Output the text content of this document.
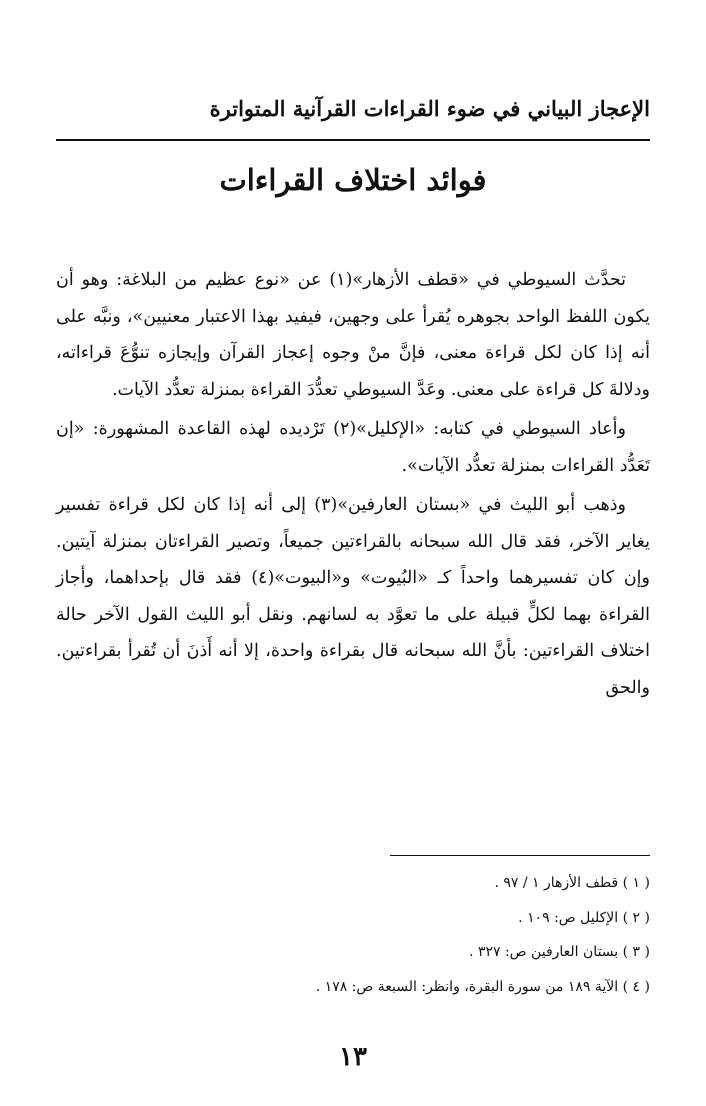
الإعجاز البياني في ضوء القراءات القرآنية المتواترة
فوائد اختلاف القراءات

تحدَّث السيوطي في «قطف الأزهار»(١) عن «نوع عظيم من البلاغة: وهو أن يكون اللفظ الواحد بجوهره يُقرأ على وجهين، فيفيد بهذا الاعتبار معنيين»، ونبَّه على أنه إذا كان لكل قراءة معنى، فإنَّ منْ وجوه إعجاز القرآن وإيجازه تنوُّعَ قراءاته، ودلالةَ كل قراءة على معنى. وعَدَّ السيوطي تعدُّدَ القراءة بمنزلة تعدُّد الآيات.

وأعاد السيوطي في كتابه: «الإكليل»(٢) تَرْديده لهذه القاعدة المشهورة: «إن تَعَدُّد القراءات بمنزلة تعدُّد الآيات».

وذهب أبو الليث في «بستان العارفين»(٣) إلى أنه إذا كان لكل قراءة تفسير يغاير الآخر، فقد قال الله سبحانه بالقراءتين جميعاً، وتصير القراءتان بمنزلة آيتين. وإن كان تفسيرهما واحداً كـ «البُيوت» و«البيوت»(٤) فقد قال بإحداهما، وأجاز القراءة بهما لكلٍّ قبيلة على ما تعوَّد به لسانهم. ونقل أبو الليث القول الآخر حالة اختلاف القراءتين: بأنَّ الله سبحانه قال بقراءة واحدة، إلا أنه أَذنَ أن تُقرأ بقراءتين. والحق

( ١ ) قطف الأزهار ١ / ٩٧ .
( ٢ ) الإكليل ص: ١٠٩ .
( ٣ ) بستان العارفين ص: ٣٢٧ .
( ٤ ) الآية ١٨٩ من سورة البقرة، وانظر: السبعة ص: ١٧٨ .
١٣
